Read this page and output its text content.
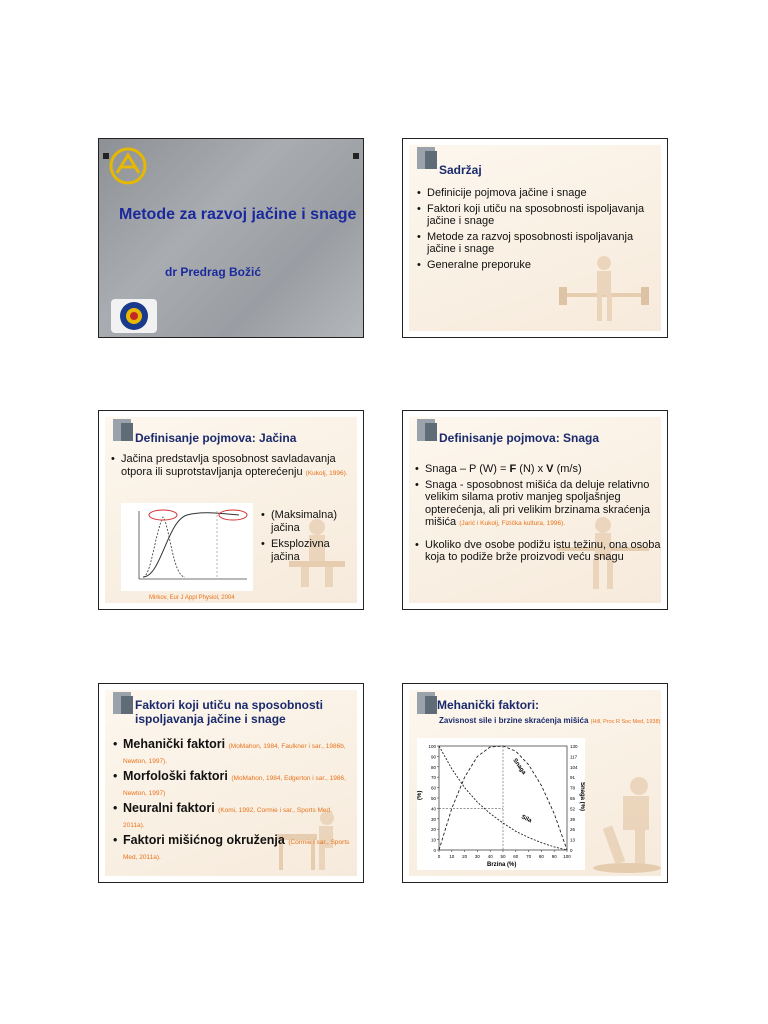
Metode za razvoj jačine i snage
dr Predrag Božić
Sadržaj
• Definicije pojmova jačine i snage
• Faktori koji utiču na sposobnosti ispoljavanja jačine i snage
• Metode za razvoj sposobnosti ispoljavanja jačine i snage
• Generalne preporuke
Definisanje pojmova: Jačina
• Jačina predstavlja sposobnost savladavanja otpora ili suprotstavljanja opterećenju (Kukolj, 1996).
Mirkov, Eur J Appl Physiol, 2004
• (Maksimalna) jačina
• Eksplozivna jačina
Definisanje pojmova: Snaga
• Snaga – P (W) = F (N) x V (m/s)
• Snaga - sposobnost mišića da deluje relativno velikim silama protiv manjeg spoljašnjeg opterećenja, ali pri velikim brzinama skraćenja mišića (Jarić i Kukolj, Fizička kultura, 1996).
• Ukoliko dve osobe podižu istu težinu, ona osoba koja to podiže brže proizvodi veću snagu
Faktori koji utiču na sposobnosti ispoljavanja jačine i snage
• Mehanički faktori (MoMahon, 1984, Faulkner i sar., 1986b, Newton, 1997).
• Morfološki faktori (MoMahon, 1984, Edgerton i sar., 1986, Newton, 1997)
• Neuralni faktori (Komi, 1992, Cormie i sar., Sports Med, 2011a).
• Faktori mišićnog okruženja (Cormie i sar., Sports Med, 2011a).
Mehanički faktori:
Zavisnost sile i brzine skraćenja mišića (Hill, Proc R Soc Med, 1938)
(%)	Snaga (%)
Brzina (%)
Snaga
Sila
0	0
0
10	13
10
20	26
20
30	39
30
40	52
40
50	65
50
60	78
60
70	91
70
80	104
80
90	117
90
100	130
100
